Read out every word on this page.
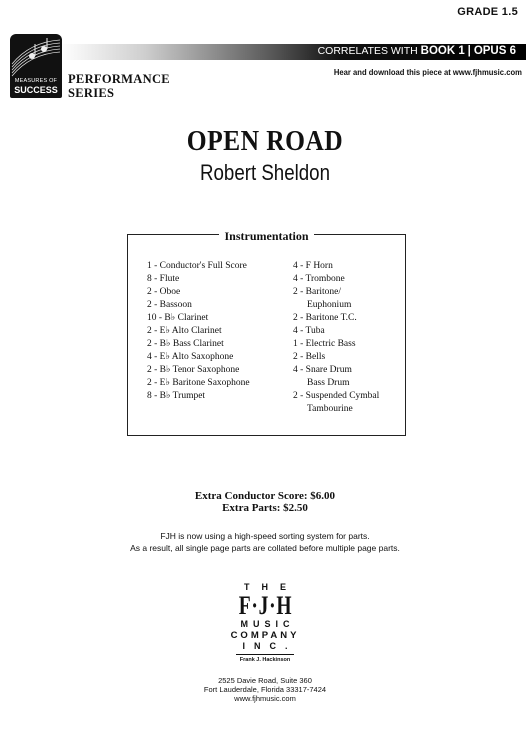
GRADE 1.5
CORRELATES WITH BOOK 1 | OPUS 6
Hear and download this piece at www.fjhmusic.com
MEASURES OF
SUCCESS
PERFORMANCE
SERIES
OPEN ROAD
Robert Sheldon
Instrumentation
1 - Conductor's Full Score
8 - Flute
2 - Oboe
2 - Bassoon
10 - B♭ Clarinet
2 - E♭ Alto Clarinet
2 - B♭ Bass Clarinet
4 - E♭ Alto Saxophone
2 - B♭ Tenor Saxophone
2 - E♭ Baritone Saxophone
8 - B♭ Trumpet
4 - F Horn
4 - Trombone
2 - Baritone/
Euphonium
2 - Baritone T.C.
4 - Tuba
1 - Electric Bass
2 - Bells
4 - Snare Drum
Bass Drum
2 - Suspended Cymbal
Tambourine
Extra Conductor Score: $6.00
Extra Parts: $2.50
FJH is now using a high-speed sorting system for parts.
As a result, all single page parts are collated before multiple page parts.
THE
F·J·H
MUSIC
COMPANY
INC.
Frank J. Hackinson
2525 Davie Road, Suite 360
Fort Lauderdale, Florida 33317-7424
www.fjhmusic.com
